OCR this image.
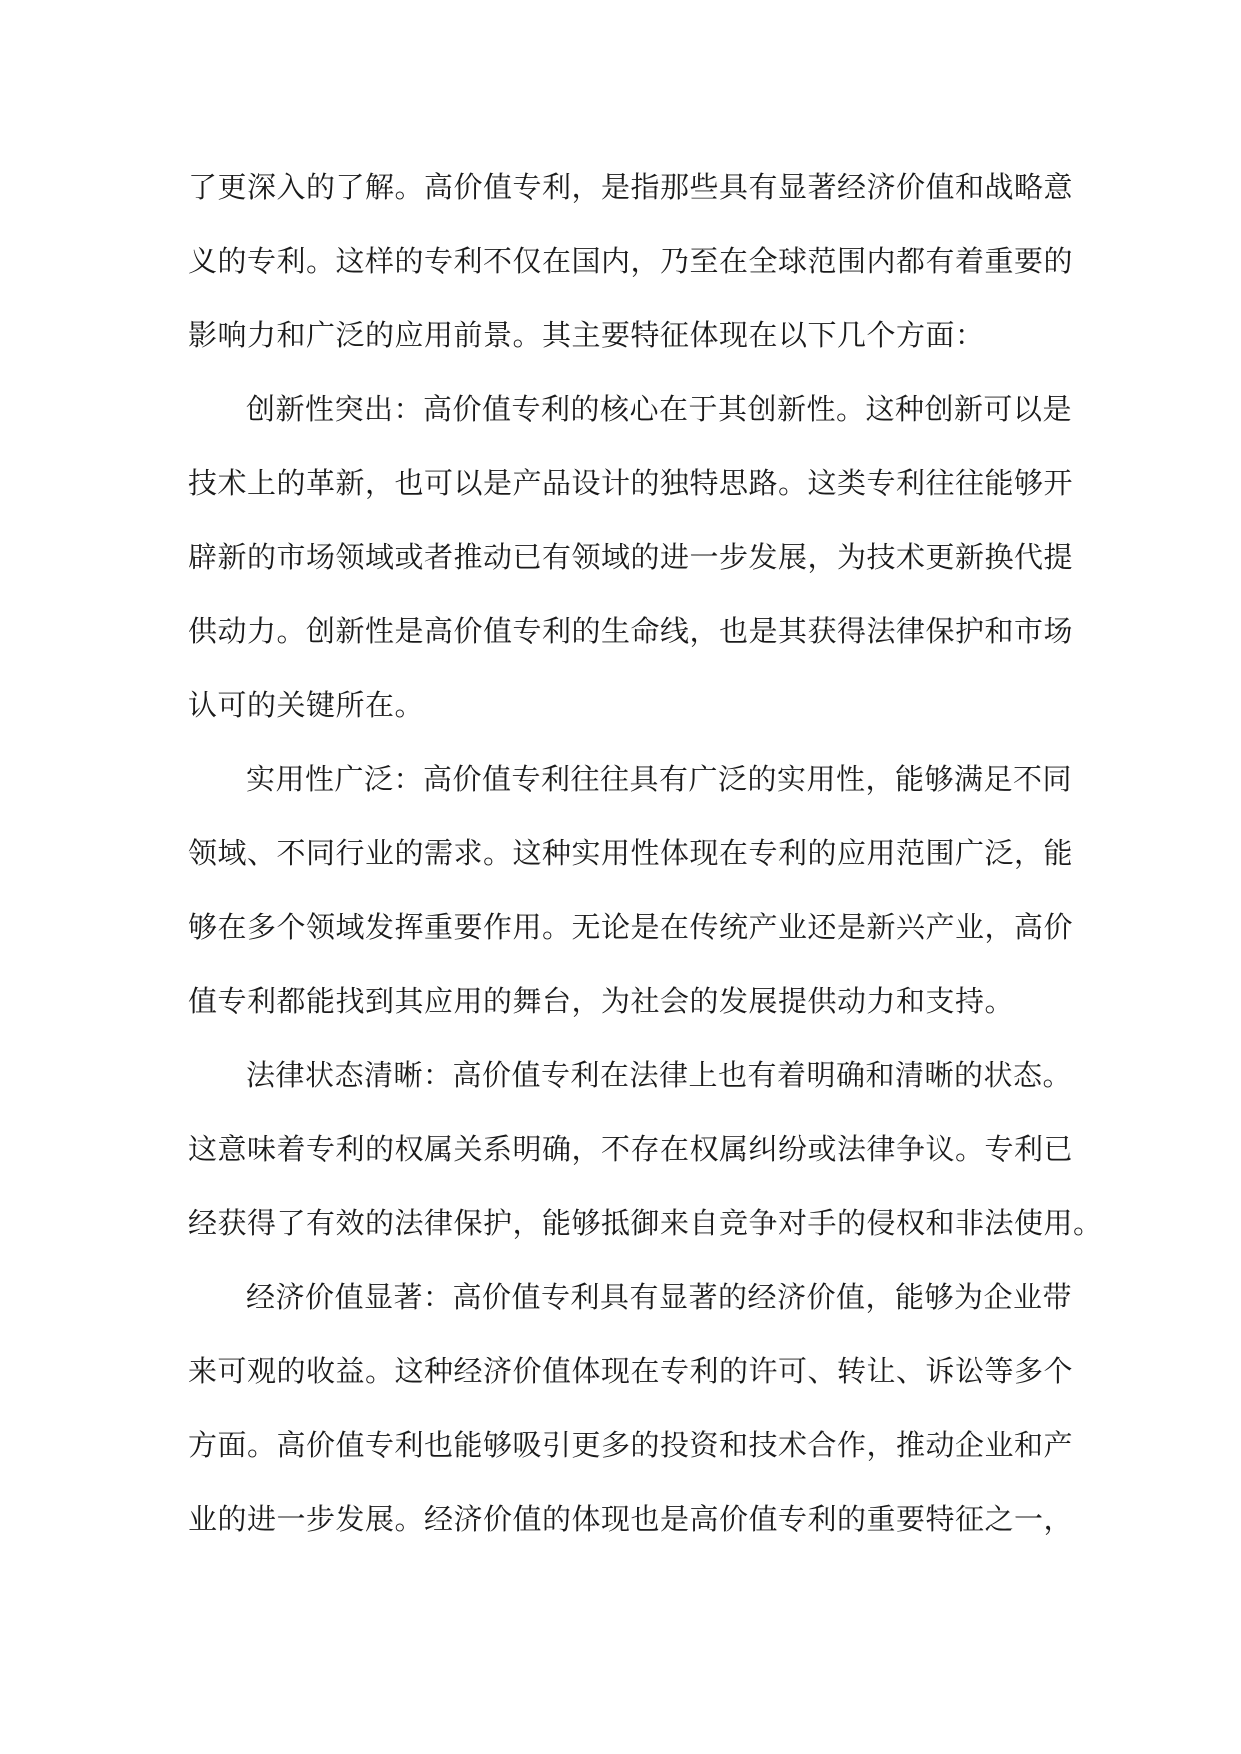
了更深入的了解。高价值专利，是指那些具有显著经济价值和战略意
义的专利。这样的专利不仅在国内，乃至在全球范围内都有着重要的
影响力和广泛的应用前景。其主要特征体现在以下几个方面：
创新性突出：高价值专利的核心在于其创新性。这种创新可以是
技术上的革新，也可以是产品设计的独特思路。这类专利往往能够开
辟新的市场领域或者推动已有领域的进一步发展，为技术更新换代提
供动力。创新性是高价值专利的生命线，也是其获得法律保护和市场
认可的关键所在。
实用性广泛：高价值专利往往具有广泛的实用性，能够满足不同
领域、不同行业的需求。这种实用性体现在专利的应用范围广泛，能
够在多个领域发挥重要作用。无论是在传统产业还是新兴产业，高价
值专利都能找到其应用的舞台，为社会的发展提供动力和支持。
法律状态清晰：高价值专利在法律上也有着明确和清晰的状态。
这意味着专利的权属关系明确，不存在权属纠纷或法律争议。专利已
经获得了有效的法律保护，能够抵御来自竞争对手的侵权和非法使用。
经济价值显著：高价值专利具有显著的经济价值，能够为企业带
来可观的收益。这种经济价值体现在专利的许可、转让、诉讼等多个
方面。高价值专利也能够吸引更多的投资和技术合作，推动企业和产
业的进一步发展。经济价值的体现也是高价值专利的重要特征之一，
